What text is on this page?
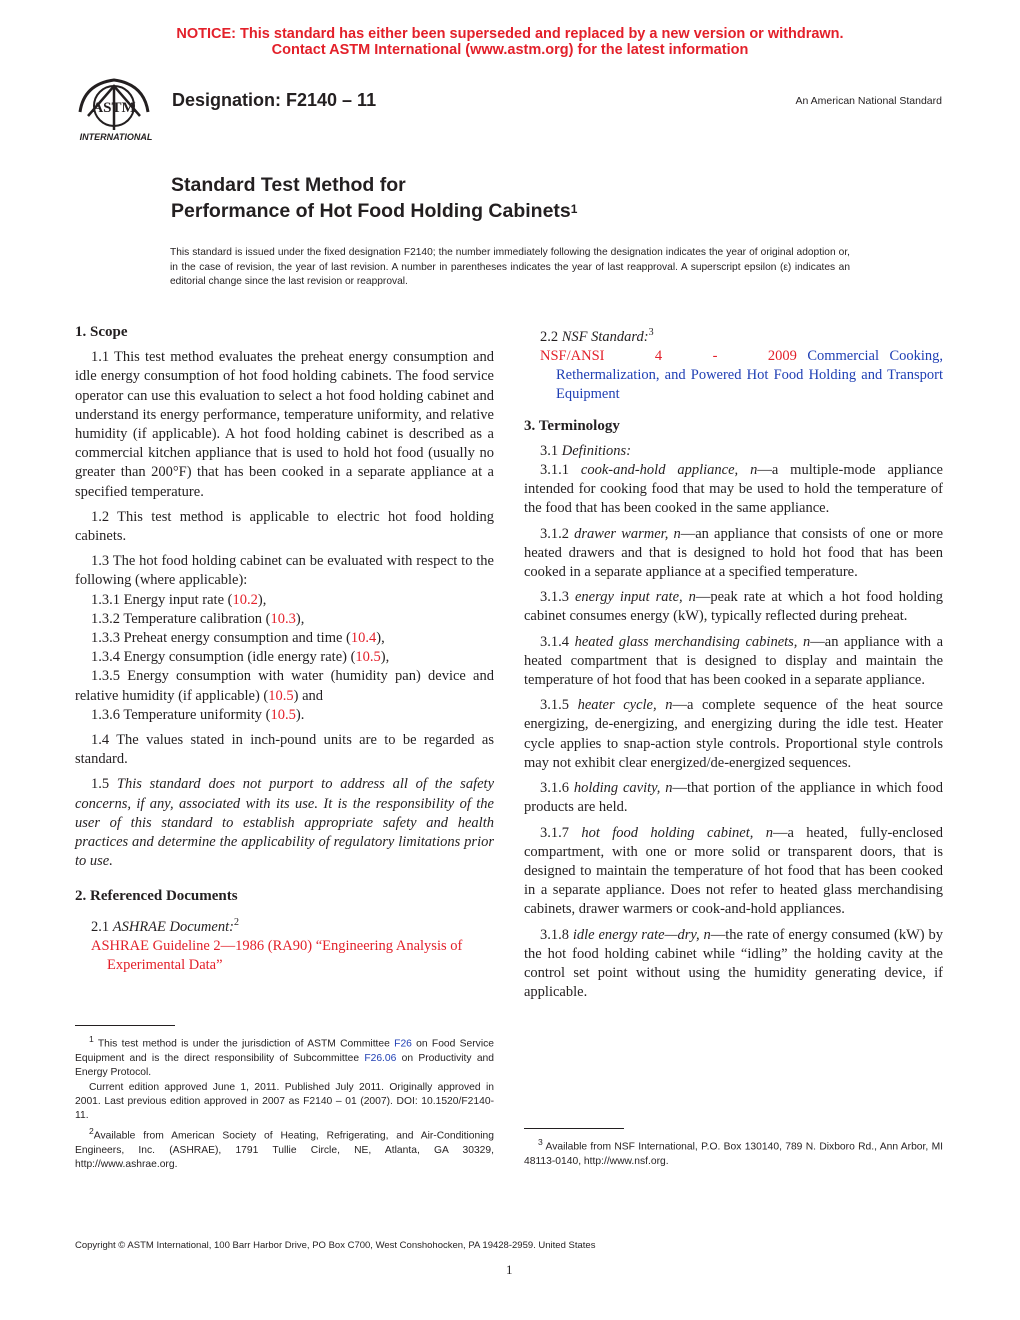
NOTICE: This standard has either been superseded and replaced by a new version or withdrawn.
Contact ASTM International (www.astm.org) for the latest information
ASTM
INTERNATIONAL
Designation: F2140 – 11	An American National Standard
Standard Test Method for
Performance of Hot Food Holding Cabinets$^1$
This standard is issued under the fixed designation F2140; the number immediately following the designation indicates the year of original adoption or, in the case of revision, the year of last revision. A number in parentheses indicates the year of last reapproval. A superscript epsilon (ε) indicates an editorial change since the last revision or reapproval.
1. Scope

1.1 This test method evaluates the preheat energy consumption and idle energy consumption of hot food holding cabinets. The food service operator can use this evaluation to select a hot food holding cabinet and understand its energy performance, temperature uniformity, and relative humidity (if applicable). A hot food holding cabinet is described as a commercial kitchen appliance that is used to hold hot food (usually no greater than 200°F) that has been cooked in a separate appliance at a specified temperature.

1.2 This test method is applicable to electric hot food holding cabinets.

1.3 The hot food holding cabinet can be evaluated with respect to the following (where applicable):

1.3.1 Energy input rate (10.2),
1.3.2 Temperature calibration (10.3),
1.3.3 Preheat energy consumption and time (10.4),
1.3.4 Energy consumption (idle energy rate) (10.5),
1.3.5 Energy consumption with water (humidity pan) device and relative humidity (if applicable) (10.5) and
1.3.6 Temperature uniformity (10.5).

1.4 The values stated in inch-pound units are to be regarded as standard.

1.5 This standard does not purport to address all of the safety concerns, if any, associated with its use. It is the responsibility of the user of this standard to establish appropriate safety and health practices and determine the applicability of regulatory limitations prior to use.

2. Referenced Documents

2.1 ASHRAE Document:$^2$

ASHRAE Guideline 2—1986 (RA90) “Engineering Analysis of Experimental Data”

$^1$ This test method is under the jurisdiction of ASTM Committee F26 on Food Service Equipment and is the direct responsibility of Subcommittee F26.06 on Productivity and Energy Protocol.
Current edition approved June 1, 2011. Published July 2011. Originally approved in 2001. Last previous edition approved in 2007 as F2140 – 01 (2007). DOI: 10.1520/F2140-11.
$^2$Available from American Society of Heating, Refrigerating, and Air-Conditioning Engineers, Inc. (ASHRAE), 1791 Tullie Circle, NE, Atlanta, GA 30329, http://www.ashrae.org.

2.2 NSF Standard:$^3$

NSF/ANSI 4 - 2009 Commercial Cooking, Rethermalization, and Powered Hot Food Holding and Transport Equipment

3. Terminology

3.1 Definitions:

3.1.1 cook-and-hold appliance, n—a multiple-mode appliance intended for cooking food that may be used to hold the temperature of the food that has been cooked in the same appliance.

3.1.2 drawer warmer, n—an appliance that consists of one or more heated drawers and that is designed to hold hot food that has been cooked in a separate appliance at a specified temperature.

3.1.3 energy input rate, n—peak rate at which a hot food holding cabinet consumes energy (kW), typically reflected during preheat.

3.1.4 heated glass merchandising cabinets, n—an appliance with a heated compartment that is designed to display and maintain the temperature of hot food that has been cooked in a separate appliance.

3.1.5 heater cycle, n—a complete sequence of the heat source energizing, de-energizing, and energizing during the idle test. Heater cycle applies to snap-action style controls. Proportional style controls may not exhibit clear energized/de-energized sequences.

3.1.6 holding cavity, n—that portion of the appliance in which food products are held.

3.1.7 hot food holding cabinet, n—a heated, fully-enclosed compartment, with one or more solid or transparent doors, that is designed to maintain the temperature of hot food that has been cooked in a separate appliance. Does not refer to heated glass merchandising cabinets, drawer warmers or cook-and-hold appliances.

3.1.8 idle energy rate—dry, n—the rate of energy consumed (kW) by the hot food holding cabinet while “idling” the holding cavity at the control set point without using the humidity generating device, if applicable.

$^3$ Available from NSF International, P.O. Box 130140, 789 N. Dixboro Rd., Ann Arbor, MI 48113-0140, http://www.nsf.org.
Copyright © ASTM International, 100 Barr Harbor Drive, PO Box C700, West Conshohocken, PA 19428-2959. United States
1
